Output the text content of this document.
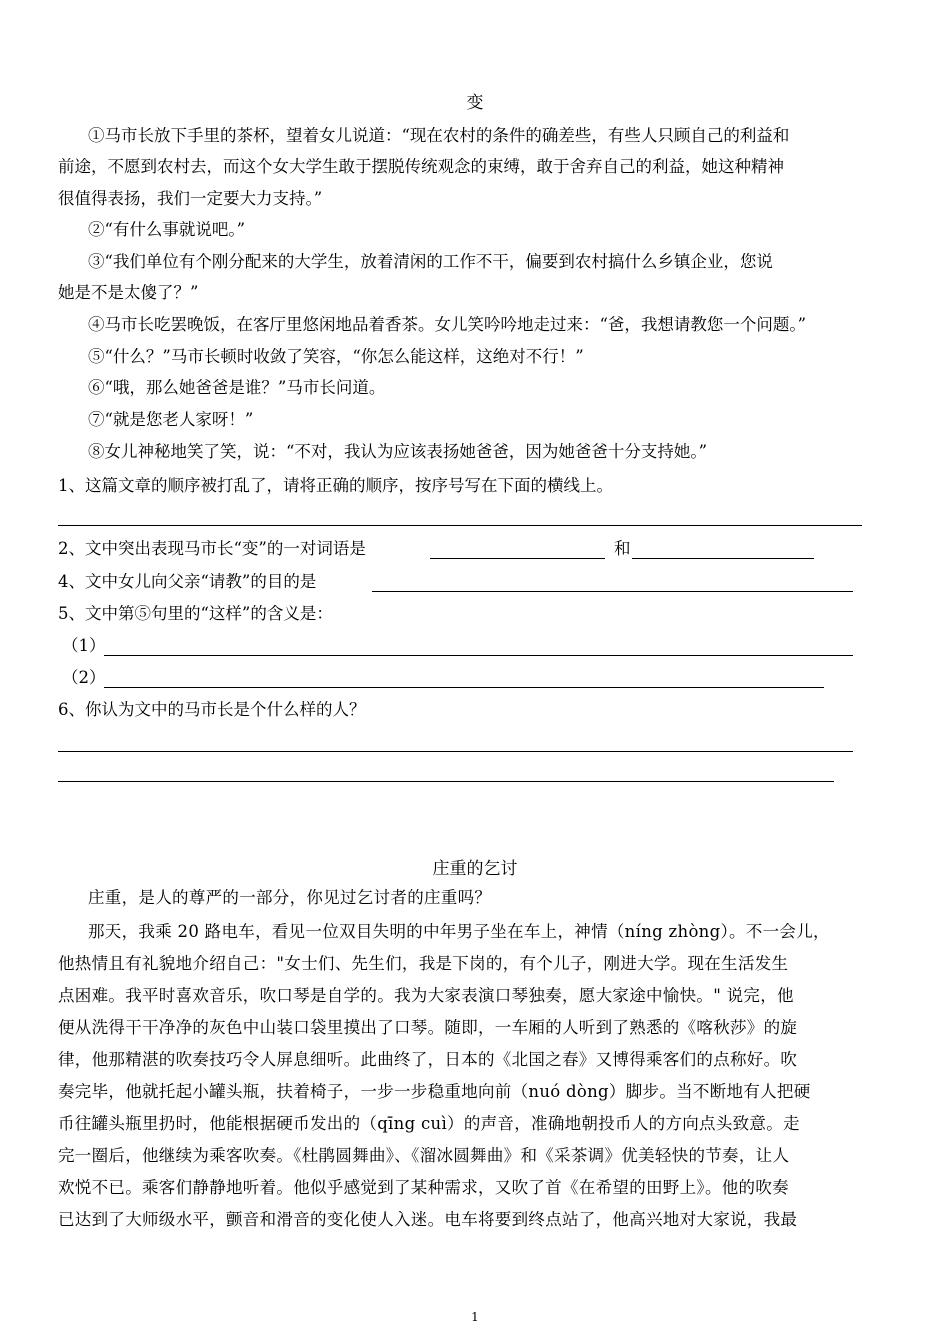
变
①马市长放下手里的茶杯，望着女儿说道：“现在农村的条件的确差些，有些人只顾自己的利益和
前途，不愿到农村去，而这个女大学生敢于摆脱传统观念的束缚，敢于舍弃自己的利益，她这种精神
很值得表扬，我们一定要大力支持。”
②“有什么事就说吧。”
③“我们单位有个刚分配来的大学生，放着清闲的工作不干，偏要到农村搞什么乡镇企业，您说
她是不是太傻了？”
④马市长吃罢晚饭，在客厅里悠闲地品着香茶。女儿笑吟吟地走过来：“爸，我想请教您一个问题。”
⑤“什么？”马市长顿时收敛了笑容，“你怎么能这样，这绝对不行！”
⑥“哦，那么她爸爸是谁？”马市长问道。
⑦“就是您老人家呀！”
⑧女儿神秘地笑了笑，说：“不对，我认为应该表扬她爸爸，因为她爸爸十分支持她。”
1、这篇文章的顺序被打乱了，请将正确的顺序，按序号写在下面的横线上。
2、文中突出表现马市长“变”的一对词语是	和
4、文中女儿向父亲“请教”的目的是
5、文中第⑤句里的“这样”的含义是：
（1）
（2）
6、你认为文中的马市长是个什么样的人？
庄重的乞讨
庄重，是人的尊严的一部分，你见过乞讨者的庄重吗？
那天，我乘 20 路电车，看见一位双目失明的中年男子坐在车上，神情（níng zhòng）。不一会儿，
他热情且有礼貌地介绍自己："女士们、先生们，我是下岗的，有个儿子，刚进大学。现在生活发生
点困难。我平时喜欢音乐，吹口琴是自学的。我为大家表演口琴独奏，愿大家途中愉快。" 说完，他
便从洗得干干净净的灰色中山装口袋里摸出了口琴。随即，一车厢的人听到了熟悉的《喀秋莎》的旋
律，他那精湛的吹奏技巧令人屏息细听。此曲终了，日本的《北国之春》又博得乘客们的点称好。吹
奏完毕，他就托起小罐头瓶，扶着椅子，一步一步稳重地向前（nuó dòng）脚步。当不断地有人把硬
币往罐头瓶里扔时，他能根据硬币发出的（qīng cuì）的声音，准确地朝投币人的方向点头致意。走
完一圈后，他继续为乘客吹奏。《杜鹃圆舞曲》、《溜冰圆舞曲》和《采茶调》优美轻快的节奏，让人
欢悦不已。乘客们静静地听着。他似乎感觉到了某种需求，又吹了首《在希望的田野上》。他的吹奏
已达到了大师级水平，颤音和滑音的变化使人入迷。电车将要到终点站了，他高兴地对大家说，我最
1
